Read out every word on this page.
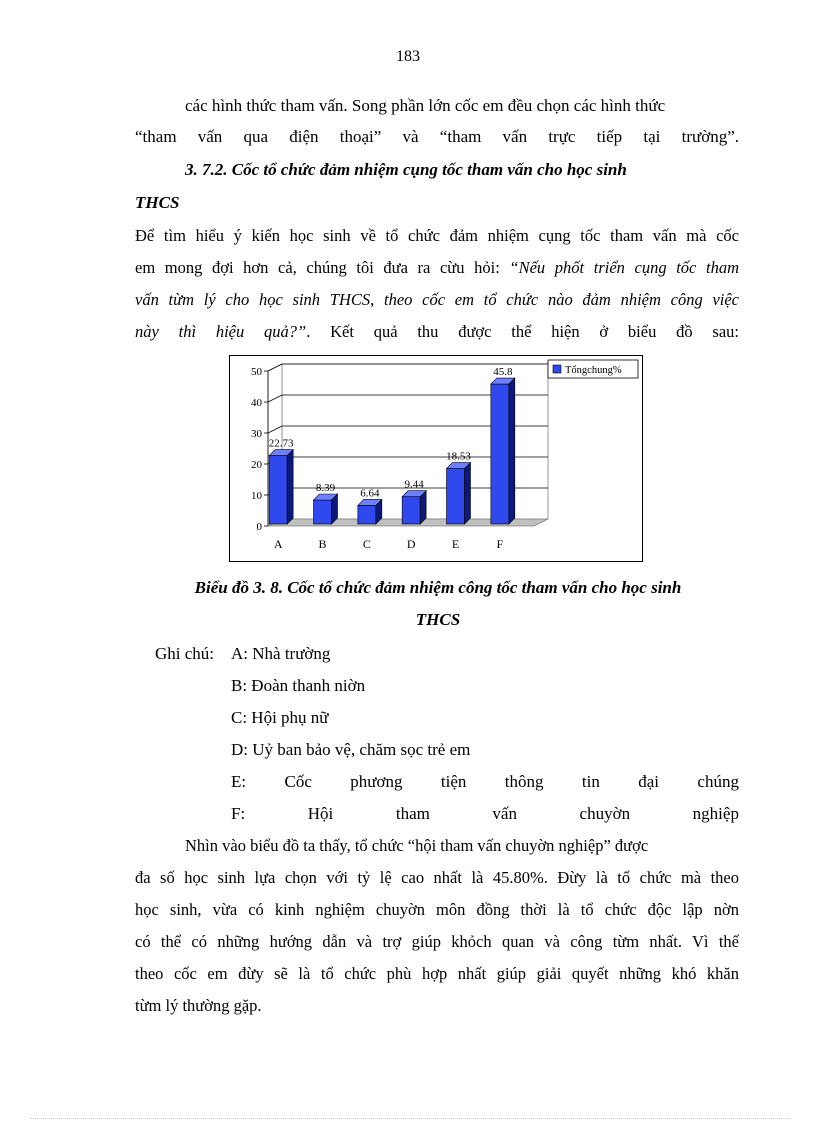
183
các hình thức tham vấn. Song phần lớn cốc em đều chọn các hình thức
“tham vấn qua điện thoại” và “tham vấn trực tiếp tại trường”.
3. 7.2. Cốc tổ chức đảm nhiệm cụng tốc tham vấn cho học sinh
THCS
Để tìm hiểu ý kiến học sinh về tổ chức đảm nhiệm cụng tốc tham vấn mà cốc
em mong đợi hơn cả, chúng tôi đưa ra cừu hỏi: “Nếu phốt triển cụng tốc tham
vấn từm lý cho học sinh THCS, theo cốc em tổ chức nào đảm nhiệm công việc
này thì hiệu quả?”. Kết quả thu được thể hiện ở biểu đồ sau:
0
10
20
30
40
50
22.73
A
8.39
B
6.64
C
9.44
D
18.53
E
45.8
F
Tổngchung%
Biểu đồ 3. 8. Cốc tổ chức đảm nhiệm công tốc tham vấn cho học sinh
THCS
Ghi chú: A: Nhà trường
B: Đoàn thanh niờn
C: Hội phụ nữ
D: Uỷ ban bảo vệ, chăm sọc trẻ em
E: Cốc phương tiện thông tin đại chúng
F:	Hội	tham	vấn	chuyờn	nghiệp
Nhìn vào biểu đồ ta thấy, tổ chức “hội tham vấn chuyờn nghiệp” được
đa số học sinh lựa chọn với tỷ lệ cao nhất là 45.80%. Đừy là tổ chức mà theo
học sinh, vừa có kinh nghiệm chuyờn môn đồng thời là tổ chức độc lập nờn
có thể có những hướng dẫn và trợ giúp khỏch quan và công từm nhất. Vì thế
theo cốc em đừy sẽ là tổ chức phù hợp nhất giúp giải quyết những khó khăn
từm lý thường gặp.
